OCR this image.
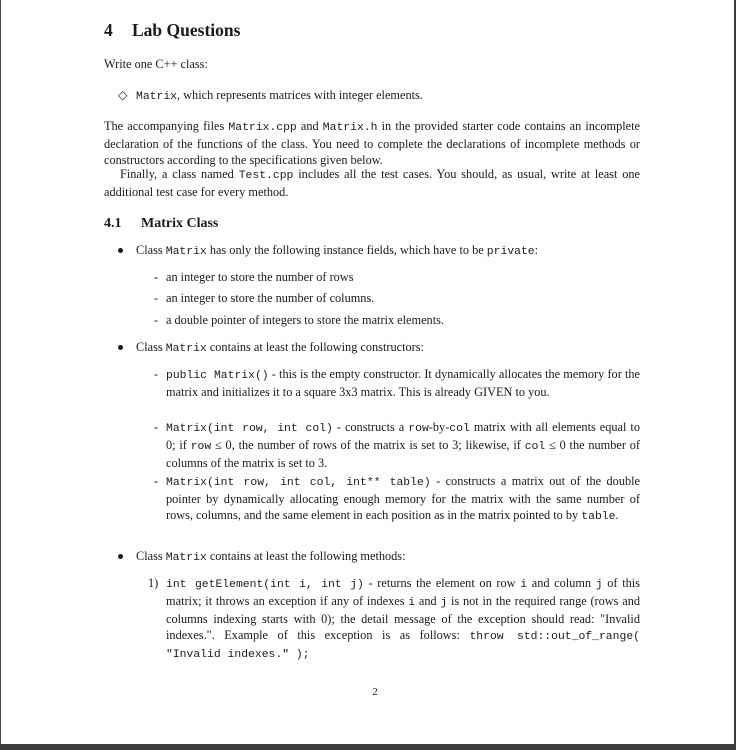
4 Lab Questions

Write one C++ class:

◇ Matrix, which represents matrices with integer elements.

The accompanying files Matrix.cpp and Matrix.h in the provided starter code contains an incomplete declaration of the functions of the class. You need to complete the declarations of incomplete methods or constructors according to the specifications given below.

Finally, a class named Test.cpp includes all the test cases. You should, as usual, write at least one additional test case for every method.

4.1 Matrix Class
Class Matrix has only the following instance fields, which have to be private:
- an integer to store the number of rows
- an integer to store the number of columns.
- a double pointer of integers to store the matrix elements.
Class Matrix contains at least the following constructors:
- public Matrix() - this is the empty constructor. It dynamically allocates the memory for the matrix and initializes it to a square 3x3 matrix. This is already GIVEN to you.
- Matrix(int row, int col) - constructs a row-by-col matrix with all elements equal to 0; if row ≤ 0, the number of rows of the matrix is set to 3; likewise, if col ≤ 0 the number of columns of the matrix is set to 3.
- Matrix(int row, int col, int** table) - constructs a matrix out of the double pointer by dynamically allocating enough memory for the matrix with the same number of rows, columns, and the same element in each position as in the matrix pointed to by table.
Class Matrix contains at least the following methods:
1) int getElement(int i, int j) - returns the element on row i and column j of this matrix; it throws an exception if any of indexes i and j is not in the required range (rows and columns indexing starts with 0); the detail message of the exception should read: "Invalid indexes.". Example of this exception is as follows: throw std::out_of_range( "Invalid indexes." );
2
